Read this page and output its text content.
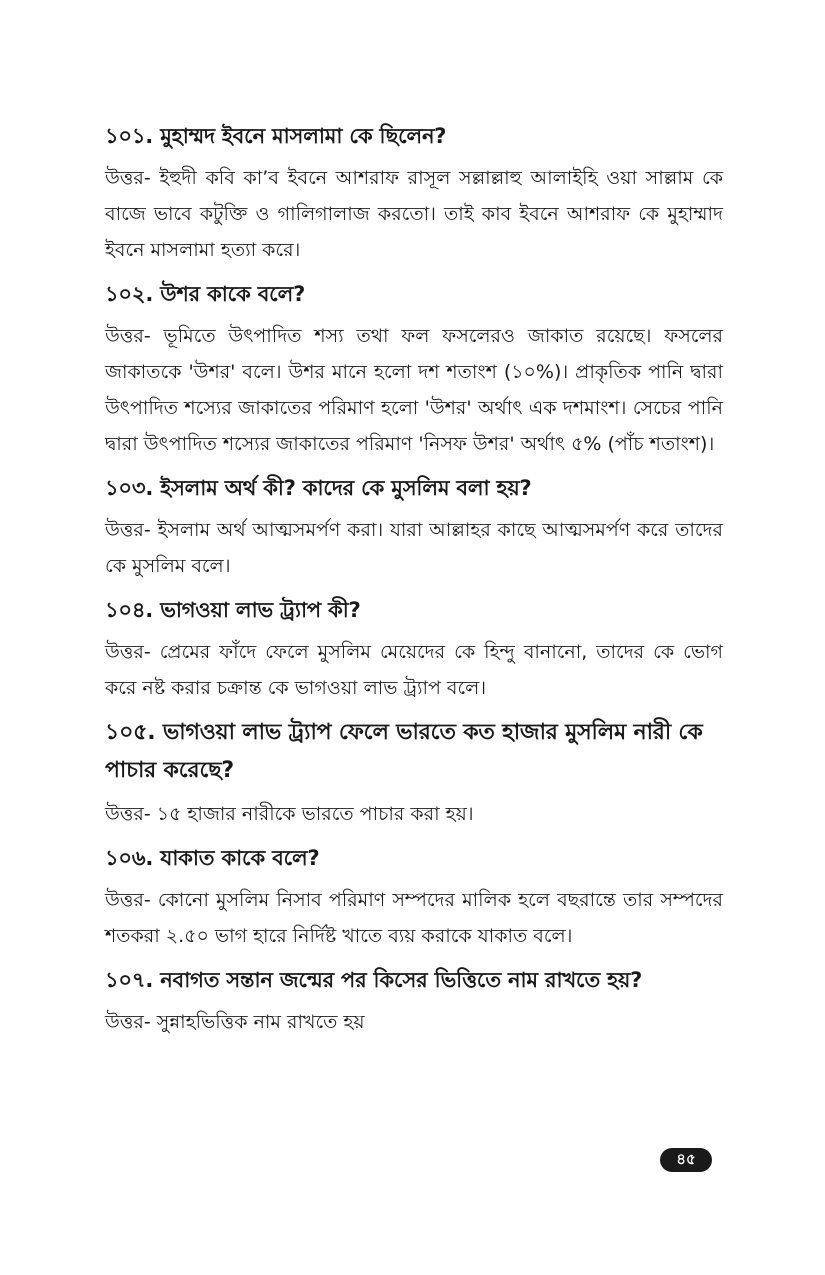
১০১. মুহাম্মদ ইবনে মাসলামা কে ছিলেন?

উত্তর- ইহুদী কবি কা’ব ইবনে আশরাফ রাসূল সল্লাল্লাহু আলাইহি ওয়া সাল্লাম কে বাজে ভাবে কটুক্তি ও গালিগালাজ করতো। তাই কাব ইবনে আশরাফ কে মুহাম্মাদ ইবনে মাসলামা হত্যা করে।

১০২. উশর কাকে বলে?

উত্তর- ভূমিতে উৎপাদিত শস্য তথা ফল ফসলেরও জাকাত রয়েছে। ফসলের জাকাতকে 'উশর' বলে। উশর মানে হলো দশ শতাংশ (১০%)। প্রাকৃতিক পানি দ্বারা উৎপাদিত শস্যের জাকাতের পরিমাণ হলো 'উশর' অর্থাৎ এক দশমাংশ। সেচের পানি দ্বারা উৎপাদিত শস্যের জাকাতের পরিমাণ 'নিসফ উশর' অর্থাৎ ৫% (পাঁচ শতাংশ)।

১০৩. ইসলাম অর্থ কী? কাদের কে মুসলিম বলা হয়?

উত্তর- ইসলাম অর্থ আত্মসমর্পণ করা। যারা আল্লাহর কাছে আত্মসমর্পণ করে তাদের কে মুসলিম বলে।

১০৪. ভাগওয়া লাভ ট্র্যাপ কী?

উত্তর- প্রেমের ফাঁদে ফেলে মুসলিম মেয়েদের কে হিন্দু বানানো, তাদের কে ভোগ করে নষ্ট করার চক্রান্ত কে ভাগওয়া লাভ ট্র্যাপ বলে।

১০৫. ভাগওয়া লাভ ট্র্যাপ ফেলে ভারতে কত হাজার মুসলিম নারী কে পাচার করেছে?

উত্তর- ১৫ হাজার নারীকে ভারতে পাচার করা হয়।

১০৬. যাকাত কাকে বলে?

উত্তর- কোনো মুসলিম নিসাব পরিমাণ সম্পদের মালিক হলে বছরান্তে তার সম্পদের শতকরা ২.৫০ ভাগ হারে নির্দিষ্ট খাতে ব্যয় করাকে যাকাত বলে।

১০৭. নবাগত সন্তান জন্মের পর কিসের ভিত্তিতে নাম রাখতে হয়?

উত্তর- সুন্নাহভিত্তিক নাম রাখতে হয়

৪৫
